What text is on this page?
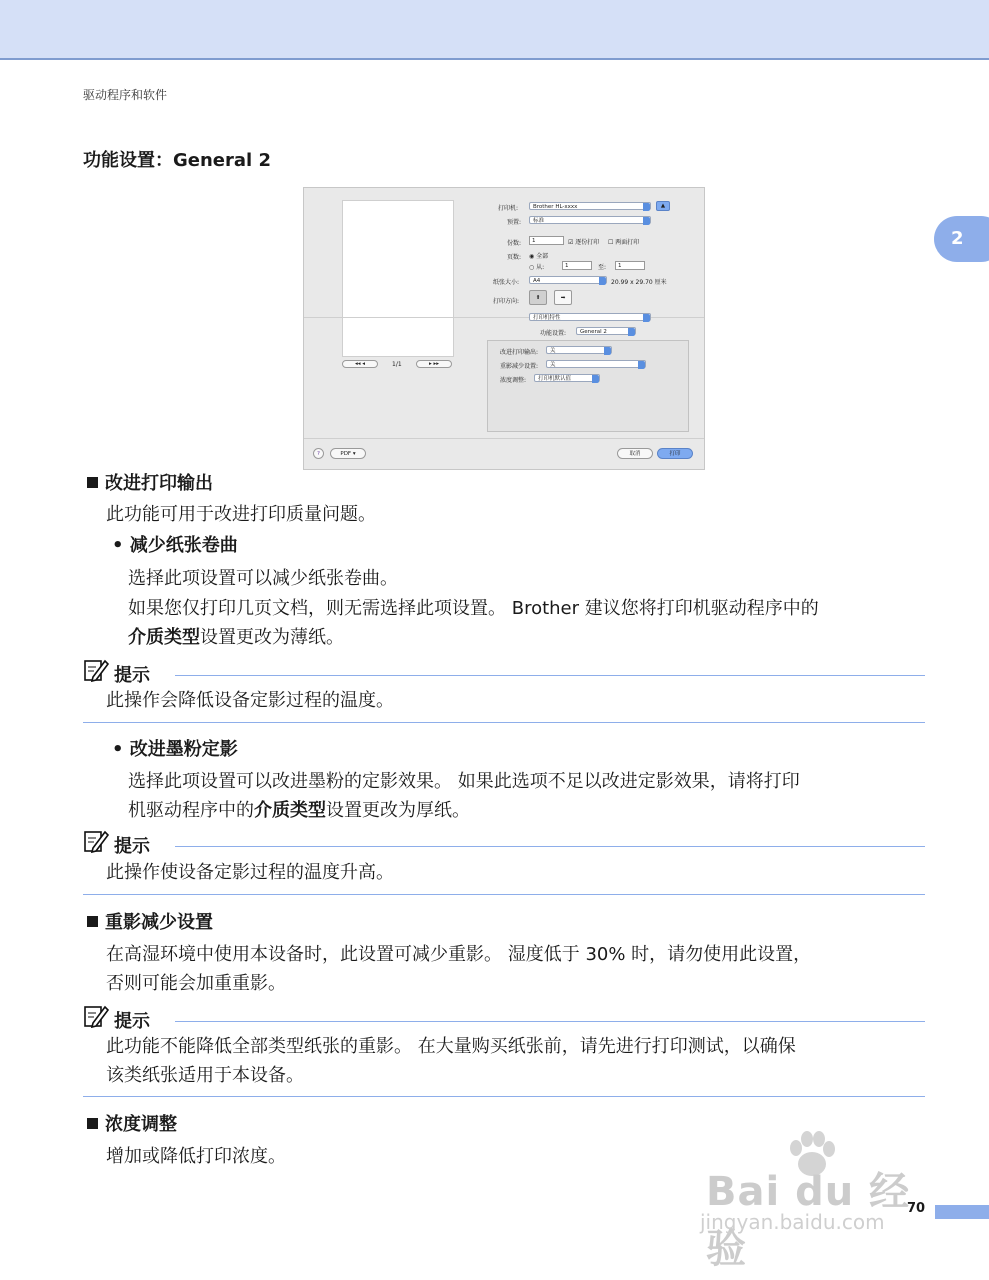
驱动程序和软件
2
功能设置：General 2
◂◂ ◂	1/1	▸ ▸▸
打印机:	Brother HL-xxxx	▲
预置:	标准
份数:	1	☑ 逐份打印 ☐ 两面打印
页数: ◉ 全部
○ 从:	1	至:	1
纸张大小:	A4	20.99 x 29.70 厘米
打印方向:	⬆	➡
打印机特性
功能设置:	General 2
改进打印输出:	关
重影减少设置:	关
浓度调整:	打印机默认值
?	PDF ▾	取消	打印
改进打印输出
此功能可用于改进打印质量问题。
• 减少纸张卷曲
选择此项设置可以减少纸张卷曲。
如果您仅打印几页文档，则无需选择此项设置。 Brother 建议您将打印机驱动程序中的
介质类型设置更改为薄纸。
提示
此操作会降低设备定影过程的温度。
• 改进墨粉定影
选择此项设置可以改进墨粉的定影效果。 如果此选项不足以改进定影效果，请将打印
机驱动程序中的介质类型设置更改为厚纸。
提示
此操作使设备定影过程的温度升高。
重影减少设置
在高湿环境中使用本设备时，此设置可减少重影。 湿度低于 30% 时，请勿使用此设置，
否则可能会加重重影。
提示
此功能不能降低全部类型纸张的重影。 在大量购买纸张前，请先进行打印测试，以确保
该类纸张适用于本设备。
浓度调整
增加或降低打印浓度。
70
Bai du 经验
jingyan.baidu.com
